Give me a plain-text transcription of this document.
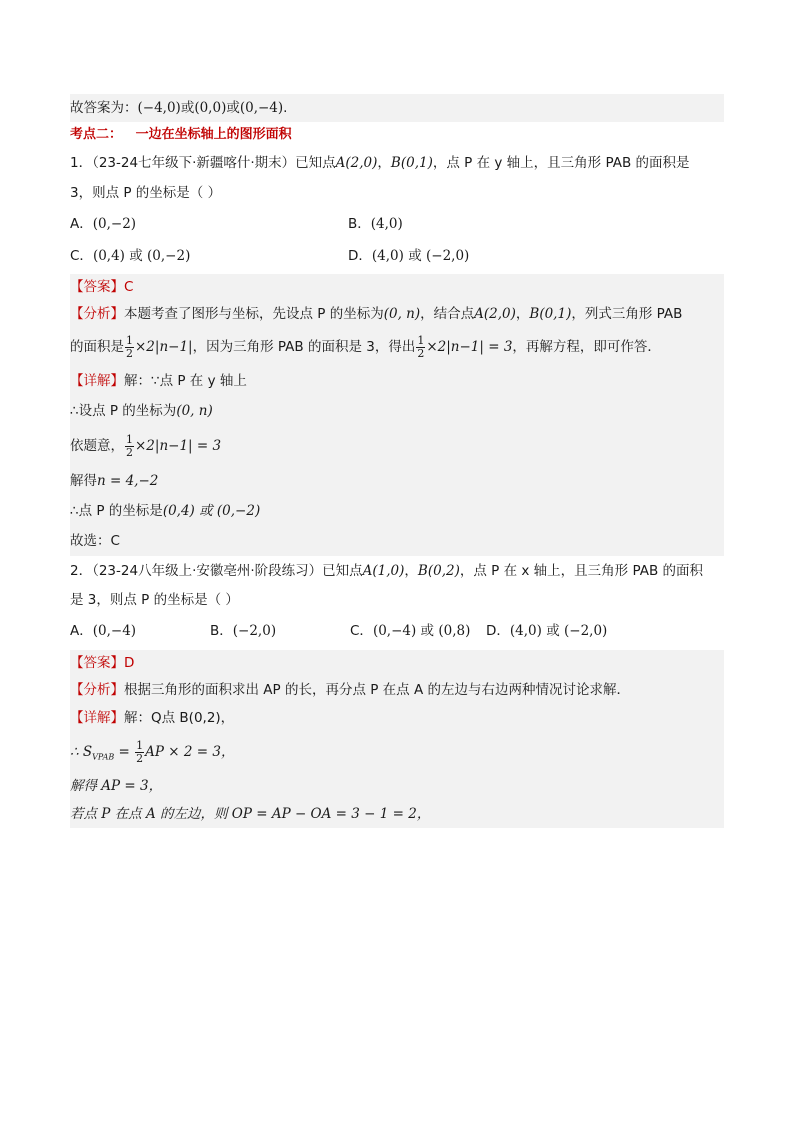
故答案为：(−4,0)或(0,0)或(0,−4).
考点二： 一边在坐标轴上的图形面积
1．（23-24七年级下·新疆喀什·期末）已知点A(2,0)，B(0,1)，点 P 在 y 轴上，且三角形 PAB 的面积是
3，则点 P 的坐标是（ ）
A．(0,−2)	B．(4,0)
C．(0,4) 或 (0,−2)	D．(4,0) 或 (−2,0)
【答案】C
【分析】本题考查了图形与坐标，先设点 P 的坐标为(0, n)，结合点A(2,0)，B(0,1)，列式三角形 PAB
的面积是 $\frac{1}{2} \times 2|n-1|$，因为三角形 PAB 的面积是 3，得出 $\frac{1}{2} \times 2|n-1| = 3$，再解方程，即可作答．
【详解】解：∵点 P 在 y 轴上
∴设点 P 的坐标为(0, n)
依题意， $\frac{1}{2} \times 2|n-1| = 3$
解得n = 4,−2
∴点 P 的坐标是(0,4) 或 (0,−2)
故选：C
2．（23-24八年级上·安徽亳州·阶段练习）已知点A(1,0)，B(0,2)，点 P 在 x 轴上，且三角形 PAB 的面积
是 3，则点 P 的坐标是（ ）
A．(0,−4)	B．(−2,0)	C．(0,−4) 或 (0,8)	D．(4,0) 或 (−2,0)
【答案】D
【分析】根据三角形的面积求出 AP 的长，再分点 P 在点 A 的左边与右边两种情况讨论求解．
【详解】解：Q点 B(0,2)，
∴ $S_{VPAB} = \frac{1}{2}$ AP × 2 = 3，
解得 AP = 3，
若点 P 在点 A 的左边，则 OP = AP − OA = 3 − 1 = 2，
